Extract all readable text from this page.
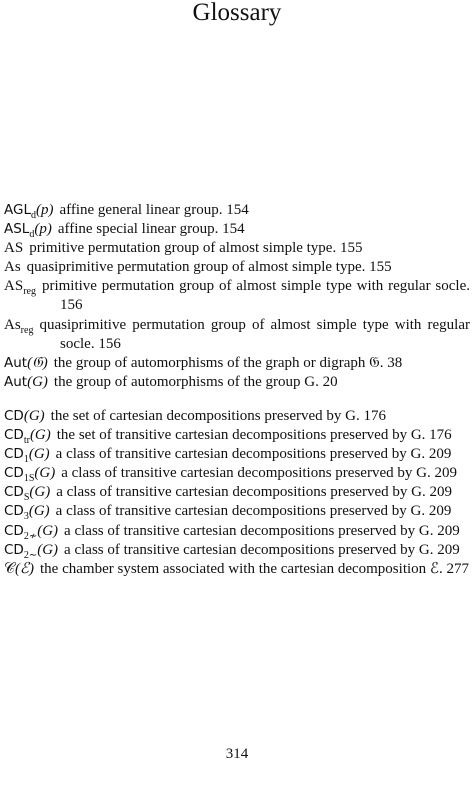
Glossary

$AGL_d(p)$ affine general linear group. 154

$ASL_d(p)$ affine special linear group. 154

AS primitive permutation group of almost simple type. 155

As quasiprimitive permutation group of almost simple type. 155

$AS_{reg}$ primitive permutation group of almost simple type with regular socle. 156

$As_{reg}$ quasiprimitive permutation group of almost simple type with regular socle. 156

Aut(𝔊) the group of automorphisms of the graph or digraph 𝔊. 38

Aut(G) the group of automorphisms of the group G. 20

CD(G) the set of cartesian decompositions preserved by G. 176

$CD_{tr}(G)$ the set of transitive cartesian decompositions preserved by G. 176

$CD_1(G)$ a class of transitive cartesian decompositions preserved by G. 209

$CD_{1S}(G)$ a class of transitive cartesian decompositions preserved by G. 209

$CD_S(G)$ a class of transitive cartesian decompositions preserved by G. 209

$CD_3(G)$ a class of transitive cartesian decompositions preserved by G. 209

$CD_{2≁}(G)$ a class of transitive cartesian decompositions preserved by G. 209

$CD_{2\sim}(G)$ a class of transitive cartesian decompositions preserved by G. 209

𝒞(ℰ) the chamber system associated with the cartesian decomposition ℰ. 277

314
